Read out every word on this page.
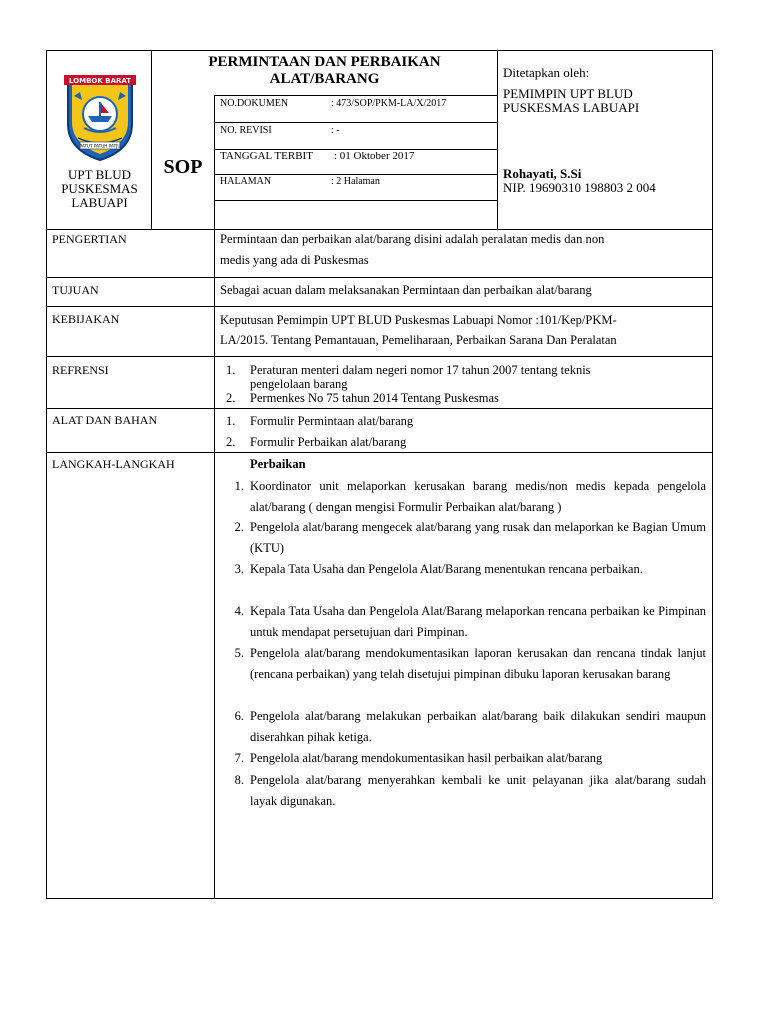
PERMINTAAN DAN PERBAIKAN
ALAT/BARANG
SOP
LOMBOK BARAT
PATUT PATUH PATJU
UPT BLUD
PUSKESMAS
LABUAPI
NO.DOKUMEN	: 473/SOP/PKM-LA/X/2017
NO. REVISI	: -
TANGGAL TERBIT : 01 Oktober 2017
HALAMAN	: 2 Halaman
Ditetapkan oleh:
PEMIMPIN UPT BLUD
PUSKESMAS LABUAPI
Rohayati, S.Si
NIP. 19690310 198803 2 004
PENGERTIAN	Permintaan dan perbaikan alat/barang disini adalah peralatan medis dan non
medis yang ada di Puskesmas
TUJUAN	Sebagai acuan dalam melaksanakan Permintaan dan perbaikan alat/barang
KEBIJAKAN	Keputusan Pemimpin UPT BLUD Puskesmas Labuapi Nomor :101/Kep/PKM-
LA/2015. Tentang Pemantauan, Pemeliharaan, Perbaikan Sarana Dan Peralatan
REFRENSI	1. Peraturan menteri dalam negeri nomor 17 tahun 2007 tentang teknis
pengelolaan barang
2. Permenkes No 75 tahun 2014 Tentang Puskesmas
ALAT DAN BAHAN	1. Formulir Permintaan alat/barang
2. Formulir Perbaikan alat/barang
LANGKAH-LANGKAH	Perbaikan
1. Koordinator unit melaporkan kerusakan barang medis/non medis kepada pengelola alat/barang ( dengan mengisi Formulir Perbaikan alat/barang )
2. Pengelola alat/barang mengecek alat/barang yang rusak dan melaporkan ke Bagian Umum (KTU)
3. Kepala Tata Usaha dan Pengelola Alat/Barang menentukan rencana perbaikan.
4. Kepala Tata Usaha dan Pengelola Alat/Barang melaporkan rencana perbaikan ke Pimpinan untuk mendapat persetujuan dari Pimpinan.
5. Pengelola alat/barang mendokumentasikan laporan kerusakan dan rencana tindak lanjut (rencana perbaikan) yang telah disetujui pimpinan dibuku laporan kerusakan barang
6. Pengelola alat/barang melakukan perbaikan alat/barang baik dilakukan sendiri maupun diserahkan pihak ketiga.
7. Pengelola alat/barang mendokumentasikan hasil perbaikan alat/barang
8. Pengelola alat/barang menyerahkan kembali ke unit pelayanan jika alat/barang sudah layak digunakan.
